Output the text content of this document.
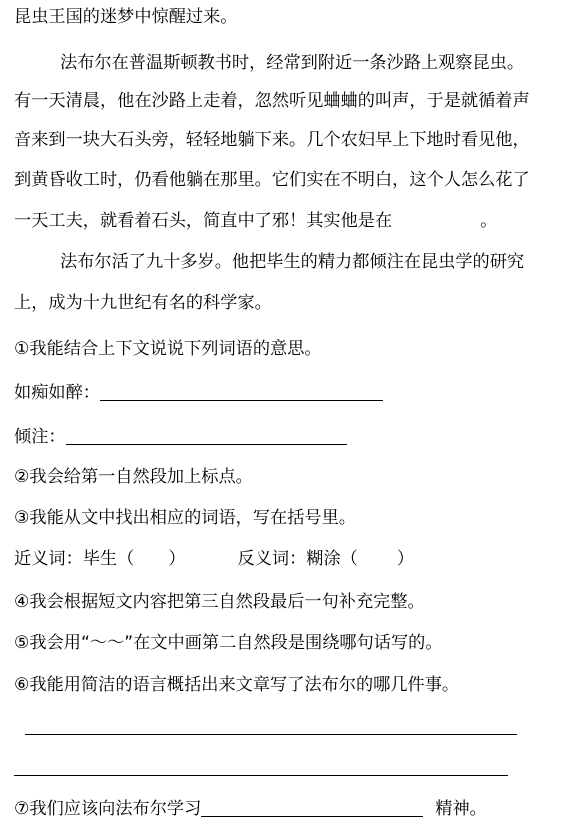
昆虫王国的迷梦中惊醒过来。

法布尔在普温斯顿教书时，经常到附近一条沙路上观察昆虫。

有一天清晨，他在沙路上走着，忽然听见蛐蛐的叫声，于是就循着声

音来到一块大石头旁，轻轻地躺下来。几个农妇早上下地时看见他，

到黄昏收工时，仍看他躺在那里。它们实在不明白，这个人怎么花了

一天工夫，就看着石头，简直中了邪！其实他是在	。

法布尔活了九十多岁。他把毕生的精力都倾注在昆虫学的研究

上，成为十九世纪有名的科学家。

①我能结合上下文说说下列词语的意思。

如痴如醉：

倾注：

②我会给第一自然段加上标点。

③我能从文中找出相应的词语，写在括号里。

近义词：毕生（ ）	反义词：糊涂（ ）

④我会根据短文内容把第三自然段最后一句补充完整。

⑤我会用“～～”在文中画第二自然段是围绕哪句话写的。

⑥我能用简洁的语言概括出来文章写了法布尔的哪几件事。

⑦我们应该向法布尔学习	精神。
